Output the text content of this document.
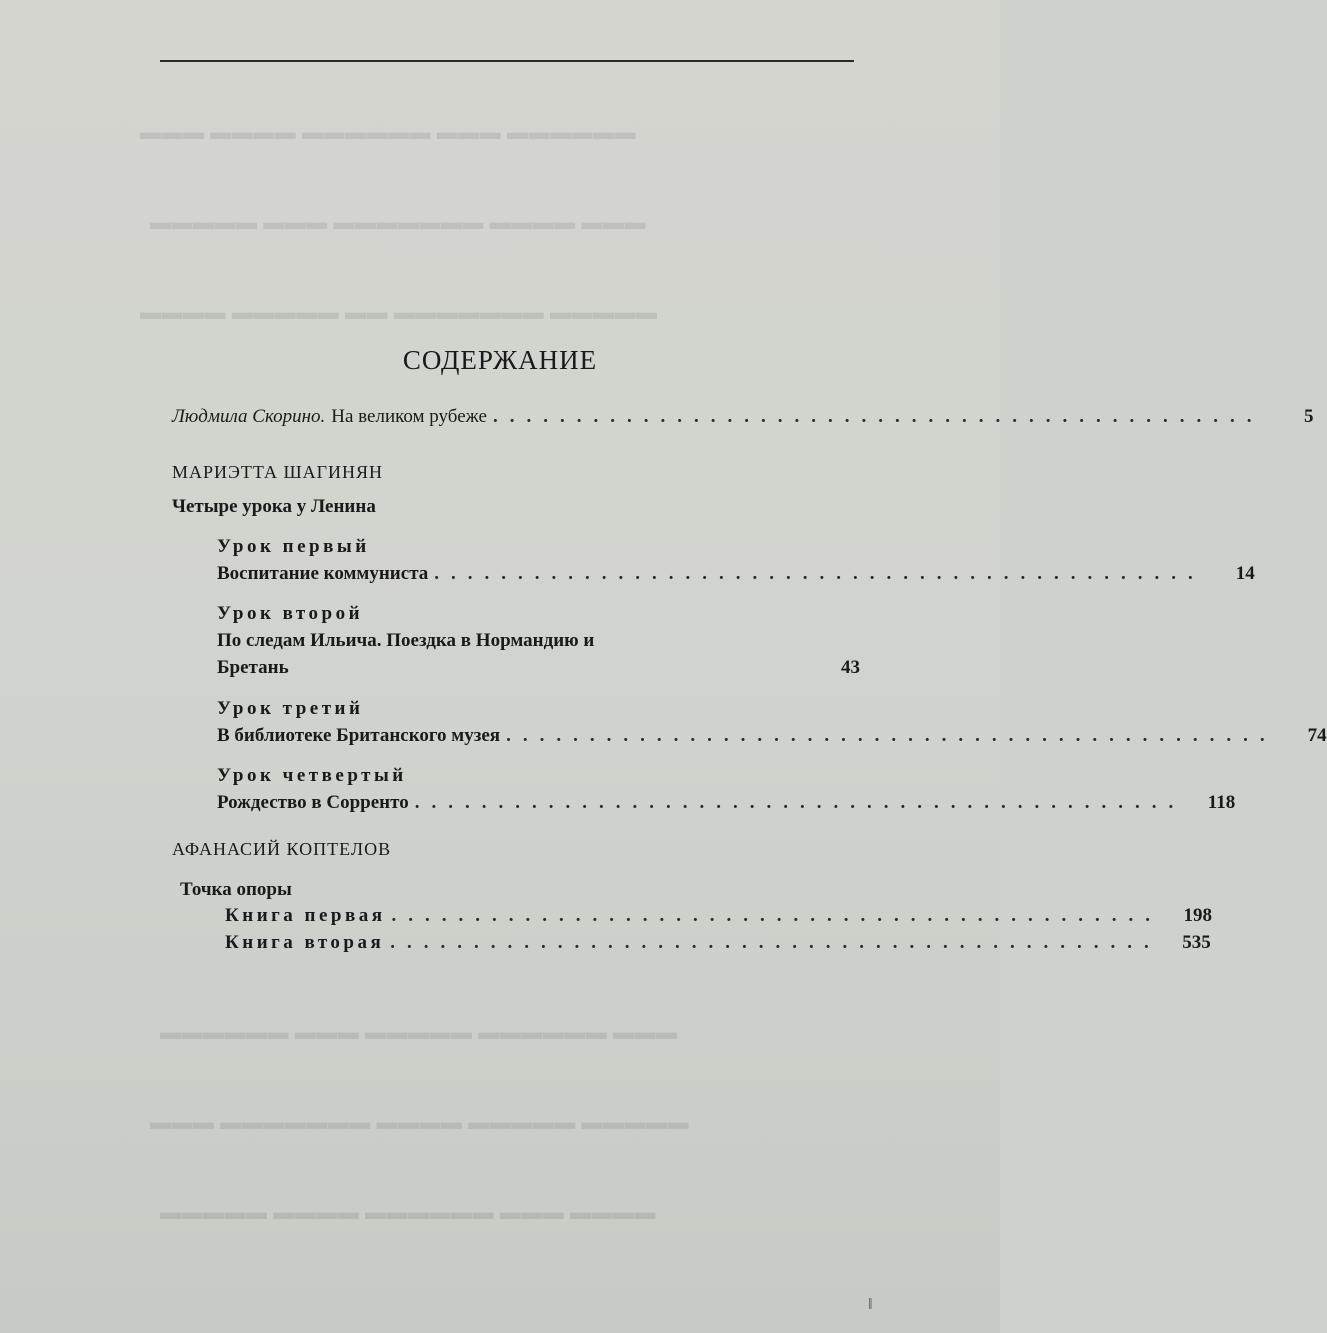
▬▬▬ ▬▬▬▬ ▬▬▬▬▬▬ ▬▬▬ ▬▬▬▬▬▬
▬▬▬▬▬ ▬▬▬ ▬▬▬▬▬▬▬ ▬▬▬▬ ▬▬▬
▬▬▬▬ ▬▬▬▬▬ ▬▬ ▬▬▬▬▬▬▬ ▬▬▬▬▬
▬▬▬▬▬▬ ▬▬▬ ▬▬▬▬▬ ▬▬▬▬▬▬ ▬▬▬
▬▬▬ ▬▬▬▬▬▬▬ ▬▬▬▬ ▬▬▬▬▬ ▬▬▬▬▬
▬▬▬▬▬ ▬▬▬▬ ▬▬▬▬▬▬ ▬▬▬ ▬▬▬▬
СОДЕРЖАНИЕ
Людмила Скорино. На великом рубеже ..............................................	5
МАРИЭТТА ШАГИНЯН
Четыре урока у Ленина
Урок первый
Воспитание коммуниста ..............................................	14
Урок второй
По следам Ильича. Поездка в Нормандию и
Бретань	43
Урок третий
В библиотеке Британского музея ..............................................	74
Урок четвертый
Рождество в Сорренто ..............................................	118
АФАНАСИЙ КОПТЕЛОВ
Точка опоры
Книга первая ..............................................	198
Книга вторая ..............................................	535
‖
